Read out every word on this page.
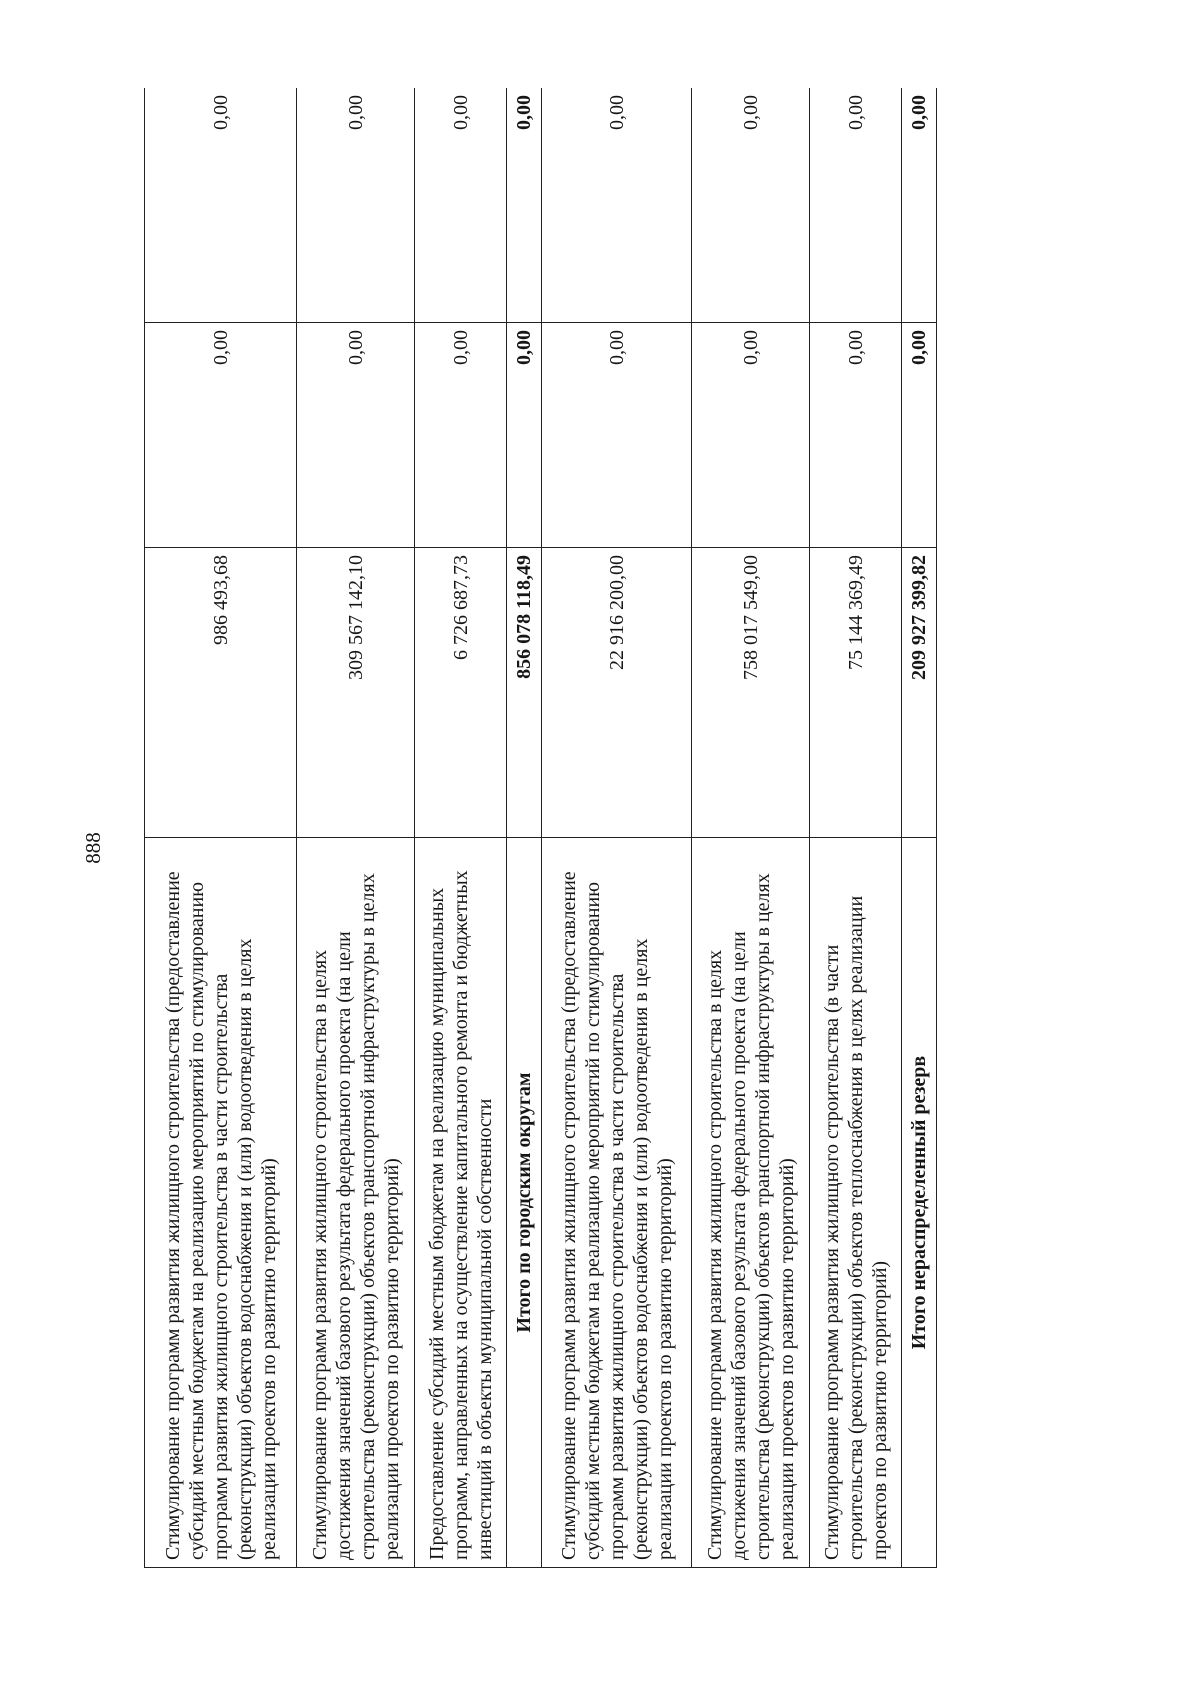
888
Стимулирование программ развития жилищного строительства (предоставление субсидий местным бюджетам на реализацию мероприятий по стимулированию программ развития жилищного строительства в части строительства (реконструкции) объектов водоснабжения и (или) водоотведения в целях реализации проектов по развитию территорий)	986 493,68	0,00	0,00
Стимулирование программ развития жилищного строительства в целях достижения значений базового результата федерального проекта (на цели строительства (реконструкции) объектов транспортной инфраструктуры в целях реализации проектов по развитию территорий)	309 567 142,10	0,00	0,00
Предоставление субсидий местным бюджетам на реализацию муниципальных программ, направленных на осуществление капитального ремонта и бюджетных инвестиций в объекты муниципальной собственности	6 726 687,73	0,00	0,00
Итого по городским округам	856 078 118,49	0,00	0,00
Стимулирование программ развития жилищного строительства (предоставление субсидий местным бюджетам на реализацию мероприятий по стимулированию программ развития жилищного строительства в части строительства (реконструкции) объектов водоснабжения и (или) водоотведения в целях реализации проектов по развитию территорий)	22 916 200,00	0,00	0,00
Стимулирование программ развития жилищного строительства в целях достижения значений базового результата федерального проекта (на цели строительства (реконструкции) объектов транспортной инфраструктуры в целях реализации проектов по развитию территорий)	758 017 549,00	0,00	0,00
Стимулирование программ развития жилищного строительства (в части строительства (реконструкции) объектов теплоснабжения в целях реализации проектов по развитию территорий)	75 144 369,49	0,00	0,00
Итого нераспределенный резерв	209 927 399,82	0,00	0,00
